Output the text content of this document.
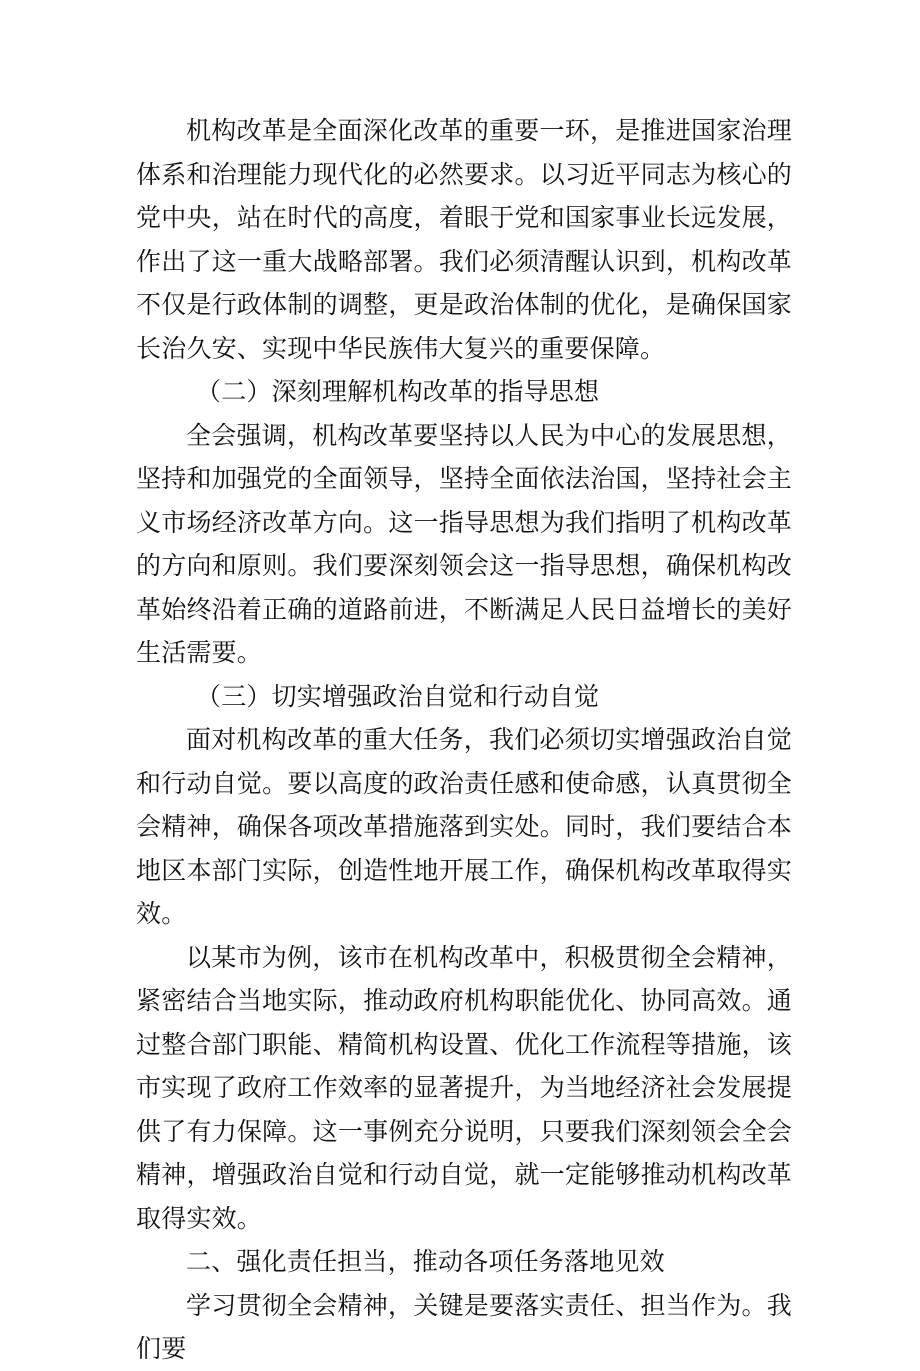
机构改革是全面深化改革的重要一环，是推进国家治理体系和治理能力现代化的必然要求。以习近平同志为核心的党中央，站在时代的高度，着眼于党和国家事业长远发展，作出了这一重大战略部署。我们必须清醒认识到，机构改革不仅是行政体制的调整，更是政治体制的优化，是确保国家长治久安、实现中华民族伟大复兴的重要保障。

（二）深刻理解机构改革的指导思想

全会强调，机构改革要坚持以人民为中心的发展思想，坚持和加强党的全面领导，坚持全面依法治国，坚持社会主义市场经济改革方向。这一指导思想为我们指明了机构改革的方向和原则。我们要深刻领会这一指导思想，确保机构改革始终沿着正确的道路前进，不断满足人民日益增长的美好生活需要。

（三）切实增强政治自觉和行动自觉

面对机构改革的重大任务，我们必须切实增强政治自觉和行动自觉。要以高度的政治责任感和使命感，认真贯彻全会精神，确保各项改革措施落到实处。同时，我们要结合本地区本部门实际，创造性地开展工作，确保机构改革取得实效。

以某市为例，该市在机构改革中，积极贯彻全会精神，紧密结合当地实际，推动政府机构职能优化、协同高效。通过整合部门职能、精简机构设置、优化工作流程等措施，该市实现了政府工作效率的显著提升，为当地经济社会发展提供了有力保障。这一事例充分说明，只要我们深刻领会全会精神，增强政治自觉和行动自觉，就一定能够推动机构改革取得实效。

二、强化责任担当，推动各项任务落地见效

学习贯彻全会精神，关键是要落实责任、担当作为。我们要
